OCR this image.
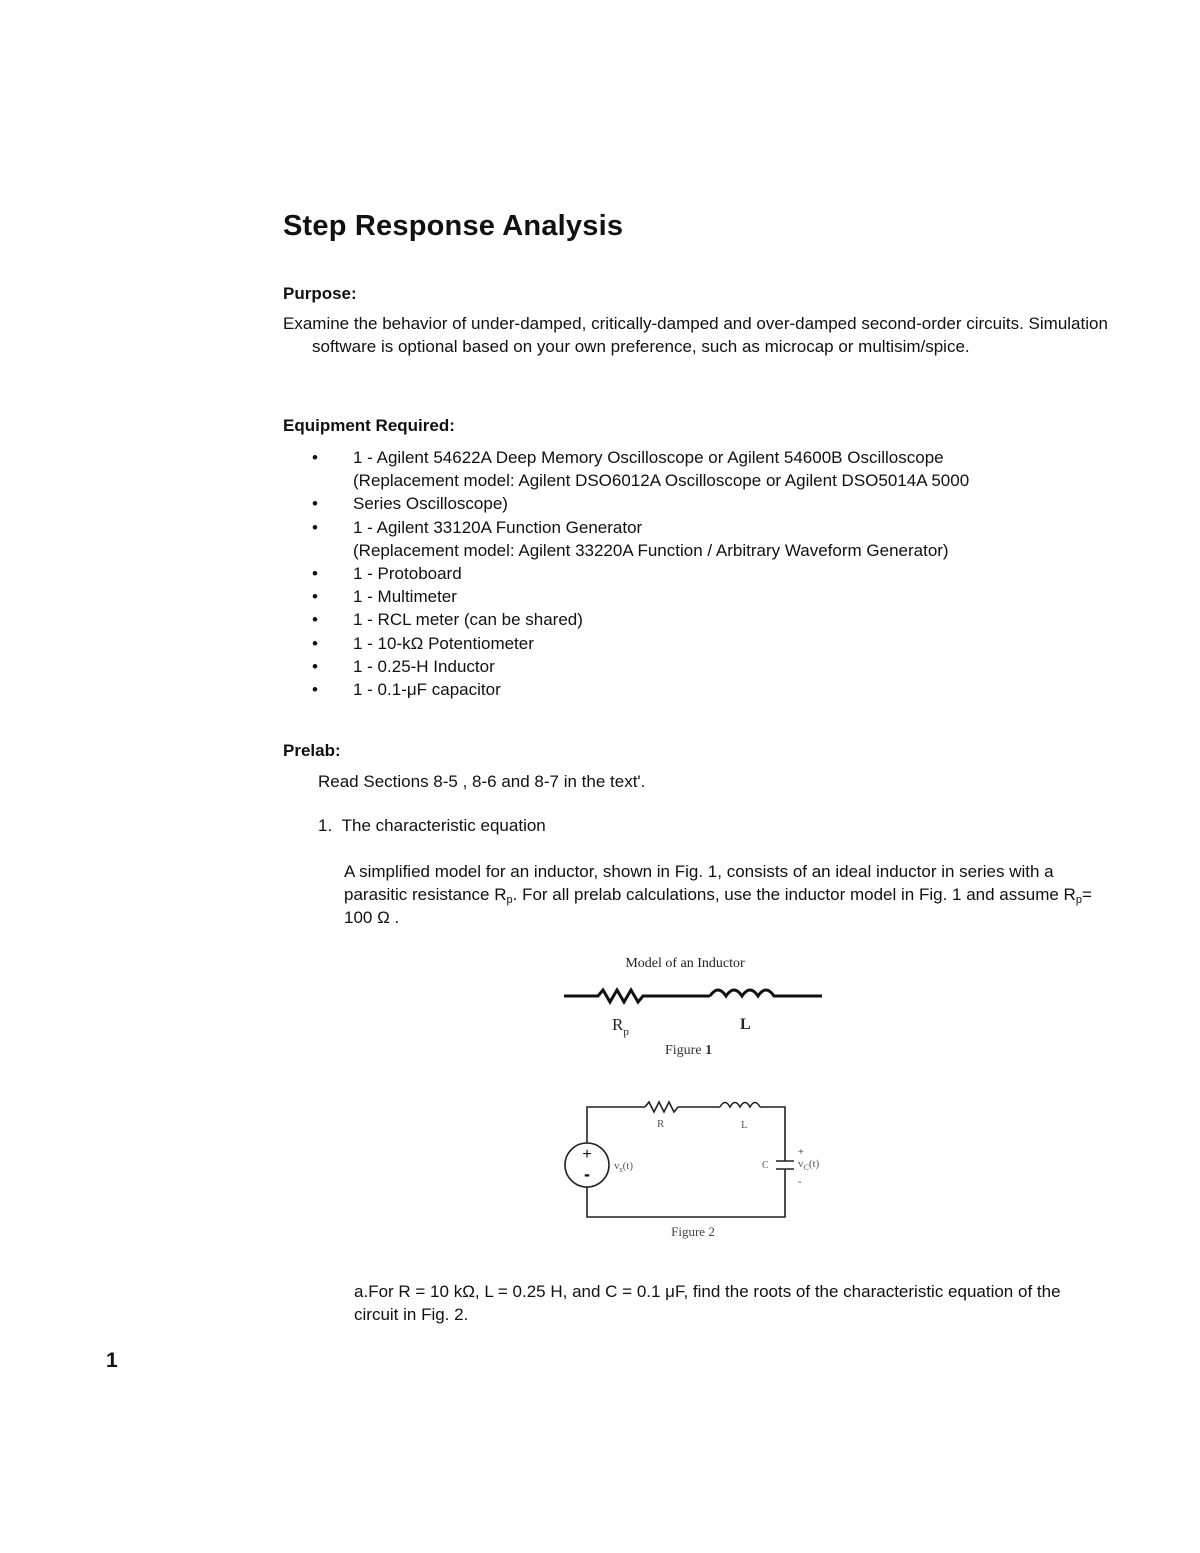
Step Response Analysis
Purpose:

Examine the behavior of under-damped, critically-damped and over-damped second-order circuits. Simulation software is optional based on your own preference, such as microcap or multisim/spice.

Equipment Required:
• 1 - Agilent 54622A Deep Memory Oscilloscope or Agilent 54600B Oscilloscope
(Replacement model: Agilent DSO6012A Oscilloscope or Agilent DSO5014A 5000
• Series Oscilloscope)
• 1 - Agilent 33120A Function Generator
(Replacement model: Agilent 33220A Function / Arbitrary Waveform Generator)
• 1 - Protoboard
• 1 - Multimeter
• 1 - RCL meter (can be shared)
• 1 - 10-kΩ Potentiometer
• 1 - 0.25-H Inductor
• 1 - 0.1-μF capacitor
Prelab:

Read Sections 8-5 , 8-6 and 8-7 in the text'.

1. The characteristic equation

A simplified model for an inductor, shown in Fig. 1, consists of an ideal inductor in series with a parasitic resistance $R_p$. For all prelab calculations, use the inductor model in Fig. 1 and assume $R_p= 100$ Ω .

Model of an Inductor
$R_p$	L
Figure 1
+
- $v_s(t)$
R	L
C
+
$v_C(t)$
-
Figure 2

a.For R = 10 kΩ, L = 0.25 H, and C = 0.1 μF, find the roots of the characteristic equation of the circuit in Fig. 2.

1
